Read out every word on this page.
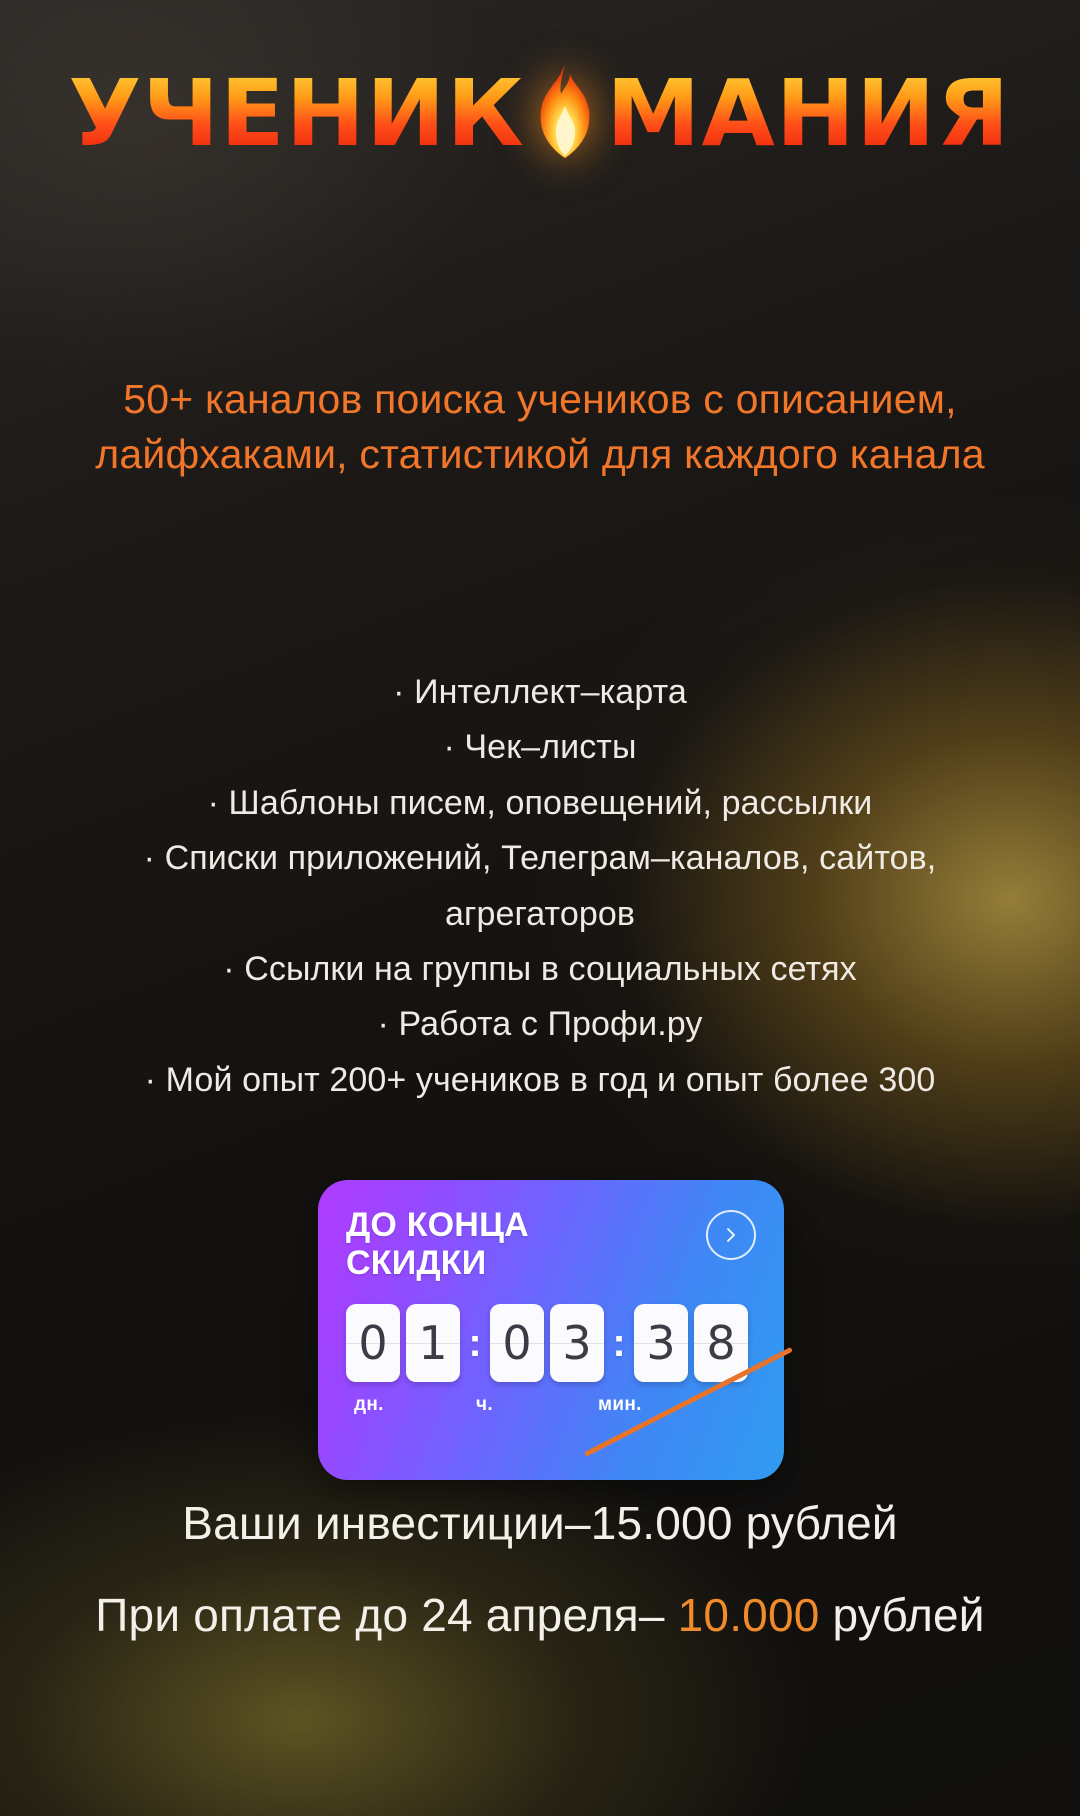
УЧЕНИК МАНИЯ
50+ каналов поиска учеников с описанием, лайфхаками, статистикой для каждого канала
· Интеллект–карта
· Чек–листы
· Шаблоны писем, оповещений, рассылки
· Списки приложений, Телеграм–каналов, сайтов,
агрегаторов
· Ссылки на группы в социальных сетях
· Работа с Профи.ру
· Мой опыт 200+ учеников в год и опыт более 300
ДО КОНЦА СКИДКИ
0 1 : 0 3 : 3 8
дн.	ч.	мин.
Ваши инвестиции–15.000 рублей
При оплате до 24 апреля– 10.000 рублей
